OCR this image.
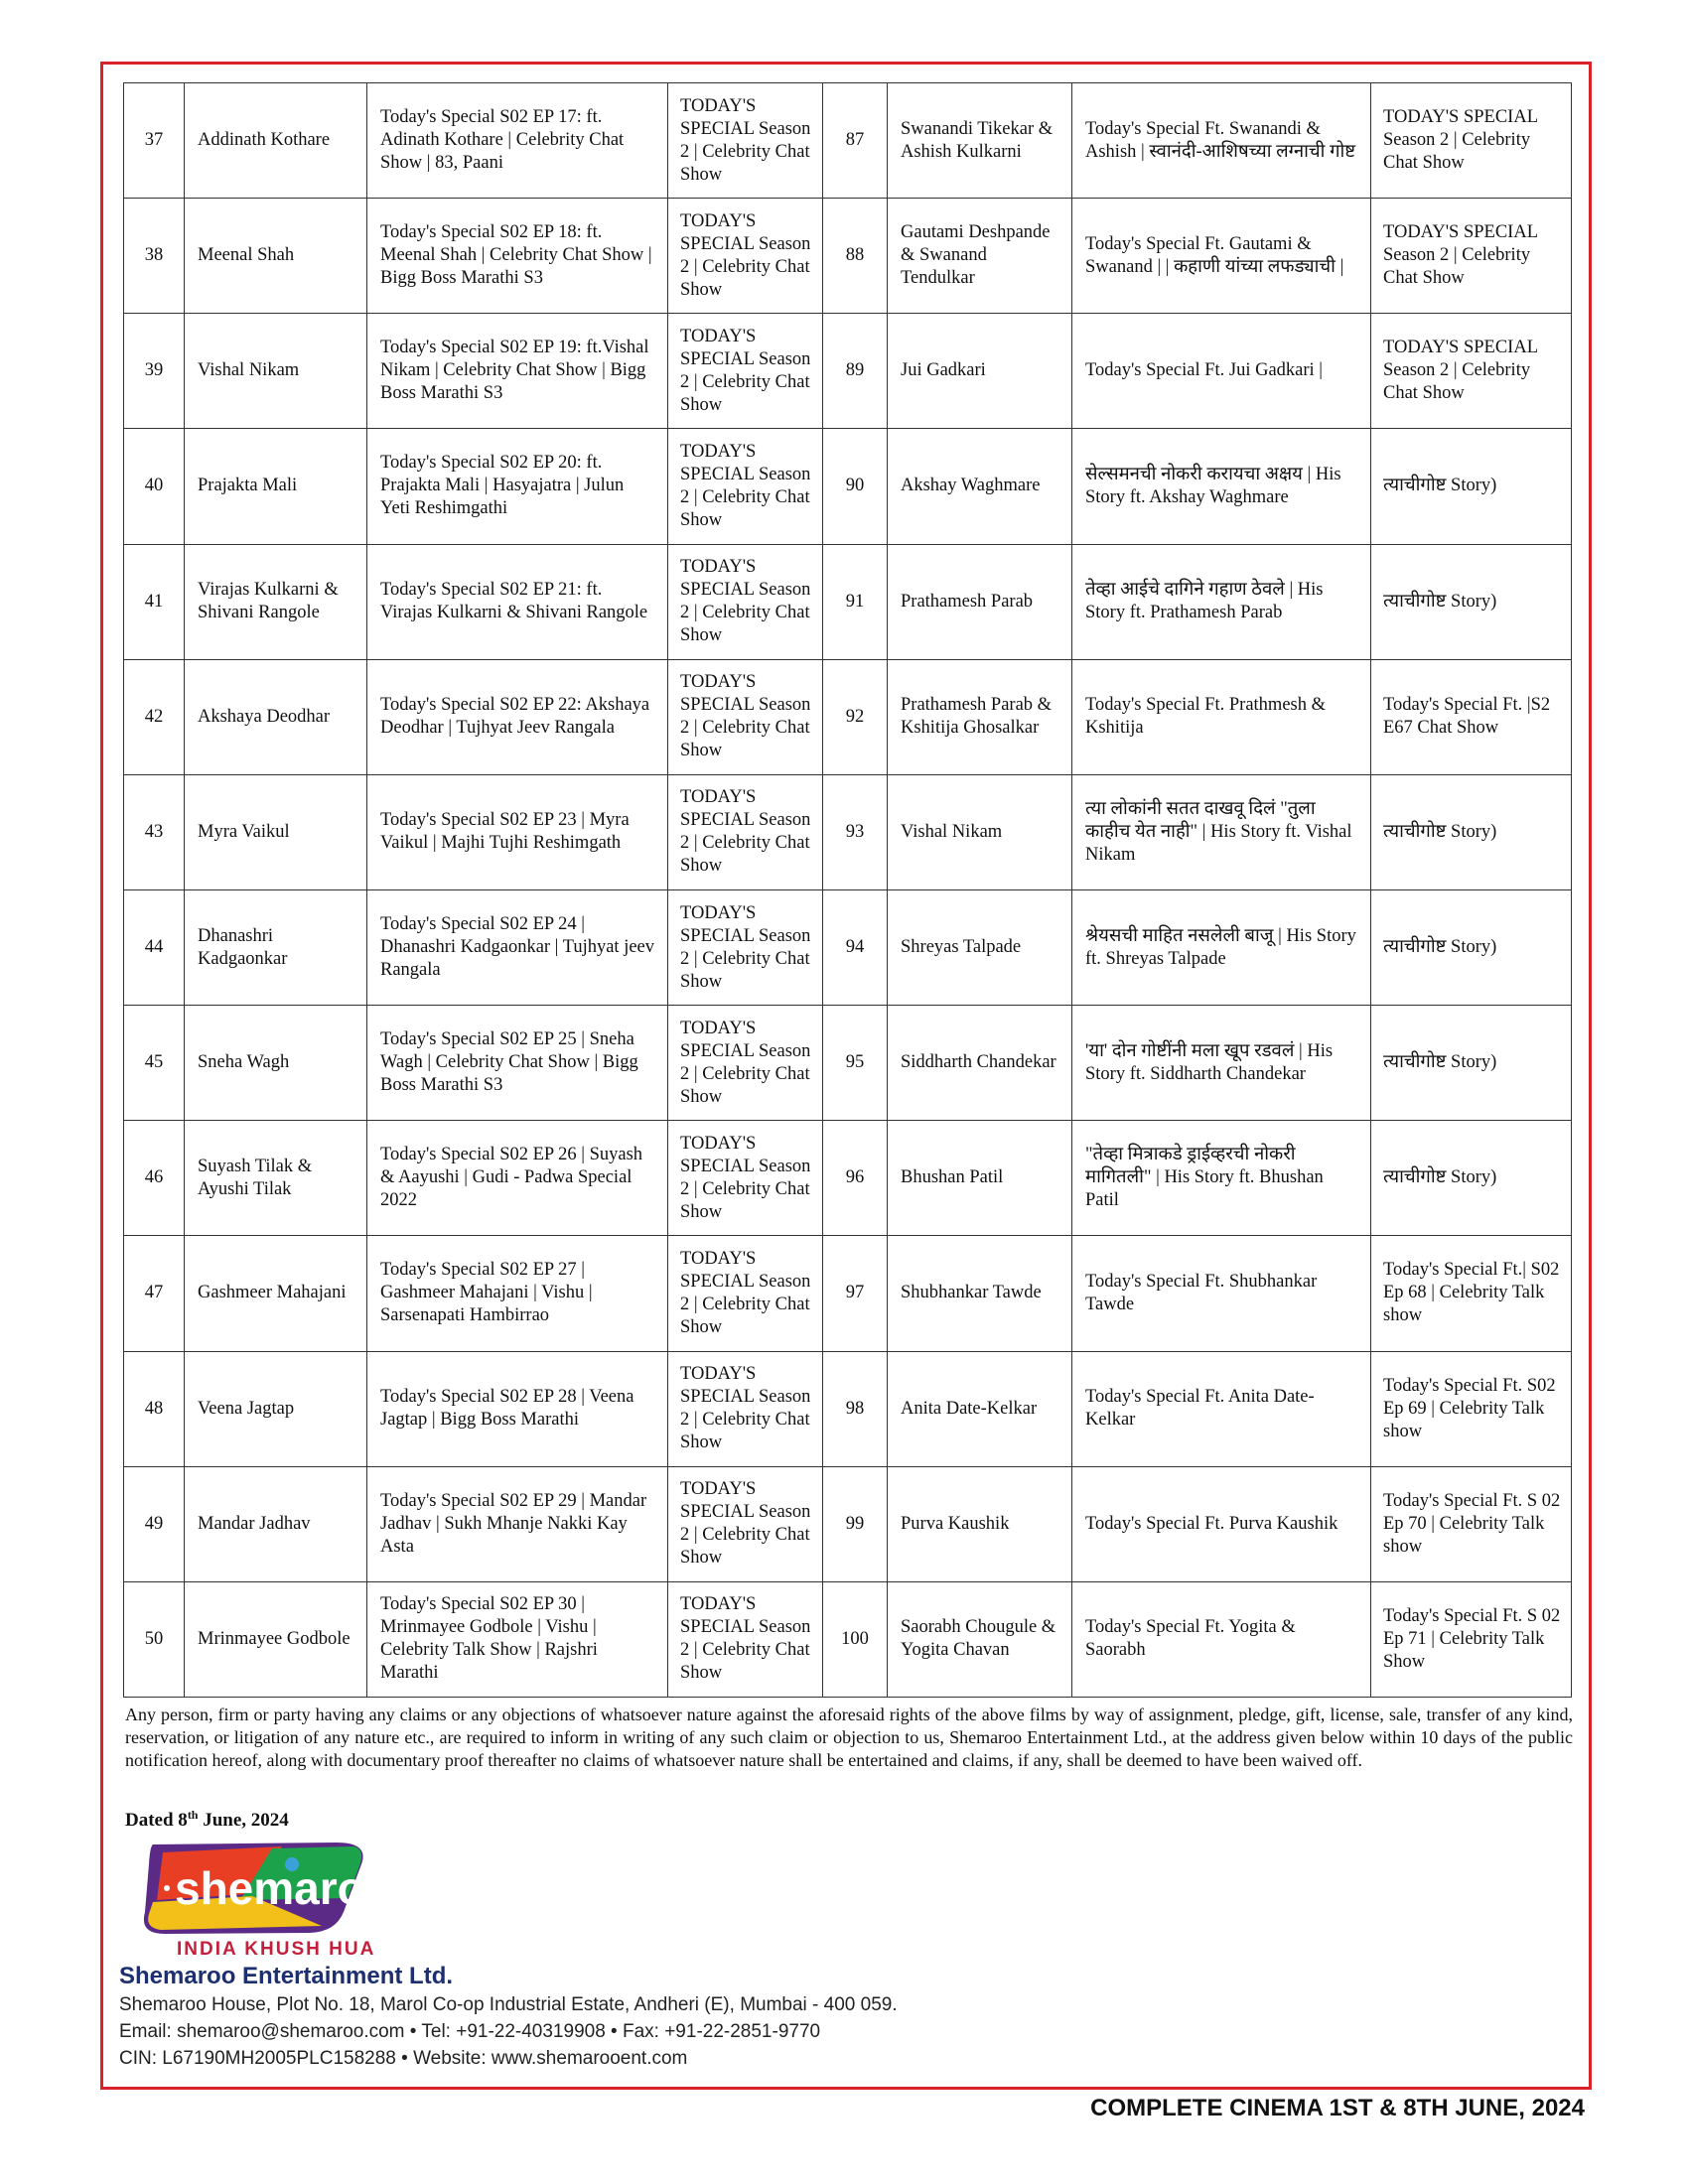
37	Addinath Kothare	Today's Special S02 EP 17: ft. Adinath Kothare | Celebrity Chat Show | 83, Paani	TODAY'S SPECIAL Season 2 | Celebrity Chat Show	87	Swanandi Tikekar & Ashish Kulkarni	Today's Special Ft. Swanandi & Ashish | स्वानंदी-आशिषच्या लग्नाची गोष्ट	TODAY'S SPECIAL Season 2 | Celebrity Chat Show
38	Meenal Shah	Today's Special S02 EP 18: ft. Meenal Shah | Celebrity Chat Show | Bigg Boss Marathi S3	TODAY'S SPECIAL Season 2 | Celebrity Chat Show	88	Gautami Deshpande & Swanand Tendulkar	Today's Special Ft. Gautami & Swanand | | कहाणी यांच्या लफड्याची |	TODAY'S SPECIAL Season 2 | Celebrity Chat Show
39	Vishal Nikam	Today's Special S02 EP 19: ft.Vishal Nikam | Celebrity Chat Show | Bigg Boss Marathi S3	TODAY'S SPECIAL Season 2 | Celebrity Chat Show	89	Jui Gadkari	Today's Special Ft. Jui Gadkari |	TODAY'S SPECIAL Season 2 | Celebrity Chat Show
40	Prajakta Mali	Today's Special S02 EP 20: ft. Prajakta Mali | Hasyajatra | Julun Yeti Reshimgathi	TODAY'S SPECIAL Season 2 | Celebrity Chat Show	90	Akshay Waghmare	सेल्समनची नोकरी करायचा अक्षय | His Story ft. Akshay Waghmare	त्याचीगोष्ट Story)
41	Virajas Kulkarni & Shivani Rangole	Today's Special S02 EP 21: ft. Virajas Kulkarni & Shivani Rangole	TODAY'S SPECIAL Season 2 | Celebrity Chat Show	91	Prathamesh Parab	तेव्हा आईचे दागिने गहाण ठेवले | His Story ft. Prathamesh Parab	त्याचीगोष्ट Story)
42	Akshaya Deodhar	Today's Special S02 EP 22: Akshaya Deodhar | Tujhyat Jeev Rangala	TODAY'S SPECIAL Season 2 | Celebrity Chat Show	92	Prathamesh Parab & Kshitija Ghosalkar	Today's Special Ft. Prathmesh & Kshitija	Today's Special Ft. |S2 E67 Chat Show
43	Myra Vaikul	Today's Special S02 EP 23 | Myra Vaikul | Majhi Tujhi Reshimgath	TODAY'S SPECIAL Season 2 | Celebrity Chat Show	93	Vishal Nikam	त्या लोकांनी सतत दाखवू दिलं "तुला काहीच येत नाही" | His Story ft. Vishal Nikam	त्याचीगोष्ट Story)
44	Dhanashri Kadgaonkar	Today's Special S02 EP 24 | Dhanashri Kadgaonkar | Tujhyat jeev Rangala	TODAY'S SPECIAL Season 2 | Celebrity Chat Show	94	Shreyas Talpade	श्रेयसची माहित नसलेली बाजू | His Story ft. Shreyas Talpade	त्याचीगोष्ट Story)
45	Sneha Wagh	Today's Special S02 EP 25 | Sneha Wagh | Celebrity Chat Show | Bigg Boss Marathi S3	TODAY'S SPECIAL Season 2 | Celebrity Chat Show	95	Siddharth Chandekar	'या' दोन गोष्टींनी मला खूप रडवलं | His Story ft. Siddharth Chandekar	त्याचीगोष्ट Story)
46	Suyash Tilak & Ayushi Tilak	Today's Special S02 EP 26 | Suyash & Aayushi | Gudi - Padwa Special 2022	TODAY'S SPECIAL Season 2 | Celebrity Chat Show	96	Bhushan Patil	"तेव्हा मित्राकडे ड्राईव्हरची नोकरी मागितली" | His Story ft. Bhushan Patil	त्याचीगोष्ट Story)
47	Gashmeer Mahajani	Today's Special S02 EP 27 | Gashmeer Mahajani | Vishu | Sarsenapati Hambirrao	TODAY'S SPECIAL Season 2 | Celebrity Chat Show	97	Shubhankar Tawde	Today's Special Ft. Shubhankar Tawde	Today's Special Ft.| S02 Ep 68 | Celebrity Talk show
48	Veena Jagtap	Today's Special S02 EP 28 | Veena Jagtap | Bigg Boss Marathi	TODAY'S SPECIAL Season 2 | Celebrity Chat Show	98	Anita Date-Kelkar	Today's Special Ft. Anita Date-Kelkar	Today's Special Ft. S02 Ep 69 | Celebrity Talk show
49	Mandar Jadhav	Today's Special S02 EP 29 | Mandar Jadhav | Sukh Mhanje Nakki Kay Asta	TODAY'S SPECIAL Season 2 | Celebrity Chat Show	99	Purva Kaushik	Today's Special Ft. Purva Kaushik	Today's Special Ft. S 02 Ep 70 | Celebrity Talk show
50	Mrinmayee Godbole	Today's Special S02 EP 30 | Mrinmayee Godbole | Vishu | Celebrity Talk Show | Rajshri Marathi	TODAY'S SPECIAL Season 2 | Celebrity Chat Show	100	Saorabh Chougule & Yogita Chavan	Today's Special Ft. Yogita & Saorabh	Today's Special Ft. S 02 Ep 71 | Celebrity Talk Show
Any person, firm or party having any claims or any objections of whatsoever nature against the aforesaid rights of the above films by way of assignment, pledge, gift, license, sale, transfer of any kind, reservation, or litigation of any nature etc., are required to inform in writing of any such claim or objection to us, Shemaroo Entertainment Ltd., at the address given below within 10 days of the public notification hereof, along with documentary proof thereafter no claims of whatsoever nature shall be entertained and claims, if any, shall be deemed to have been waived off.
Dated 8th June, 2024
shemaroo
INDIA KHUSH HUA
Shemaroo Entertainment Ltd.
Shemaroo House, Plot No. 18, Marol Co-op Industrial Estate, Andheri (E), Mumbai - 400 059.
Email: shemaroo@shemaroo.com • Tel: +91-22-40319908 • Fax: +91-22-2851-9770
CIN: L67190MH2005PLC158288 • Website: www.shemarooent.com
COMPLETE CINEMA 1ST & 8TH JUNE, 2024
